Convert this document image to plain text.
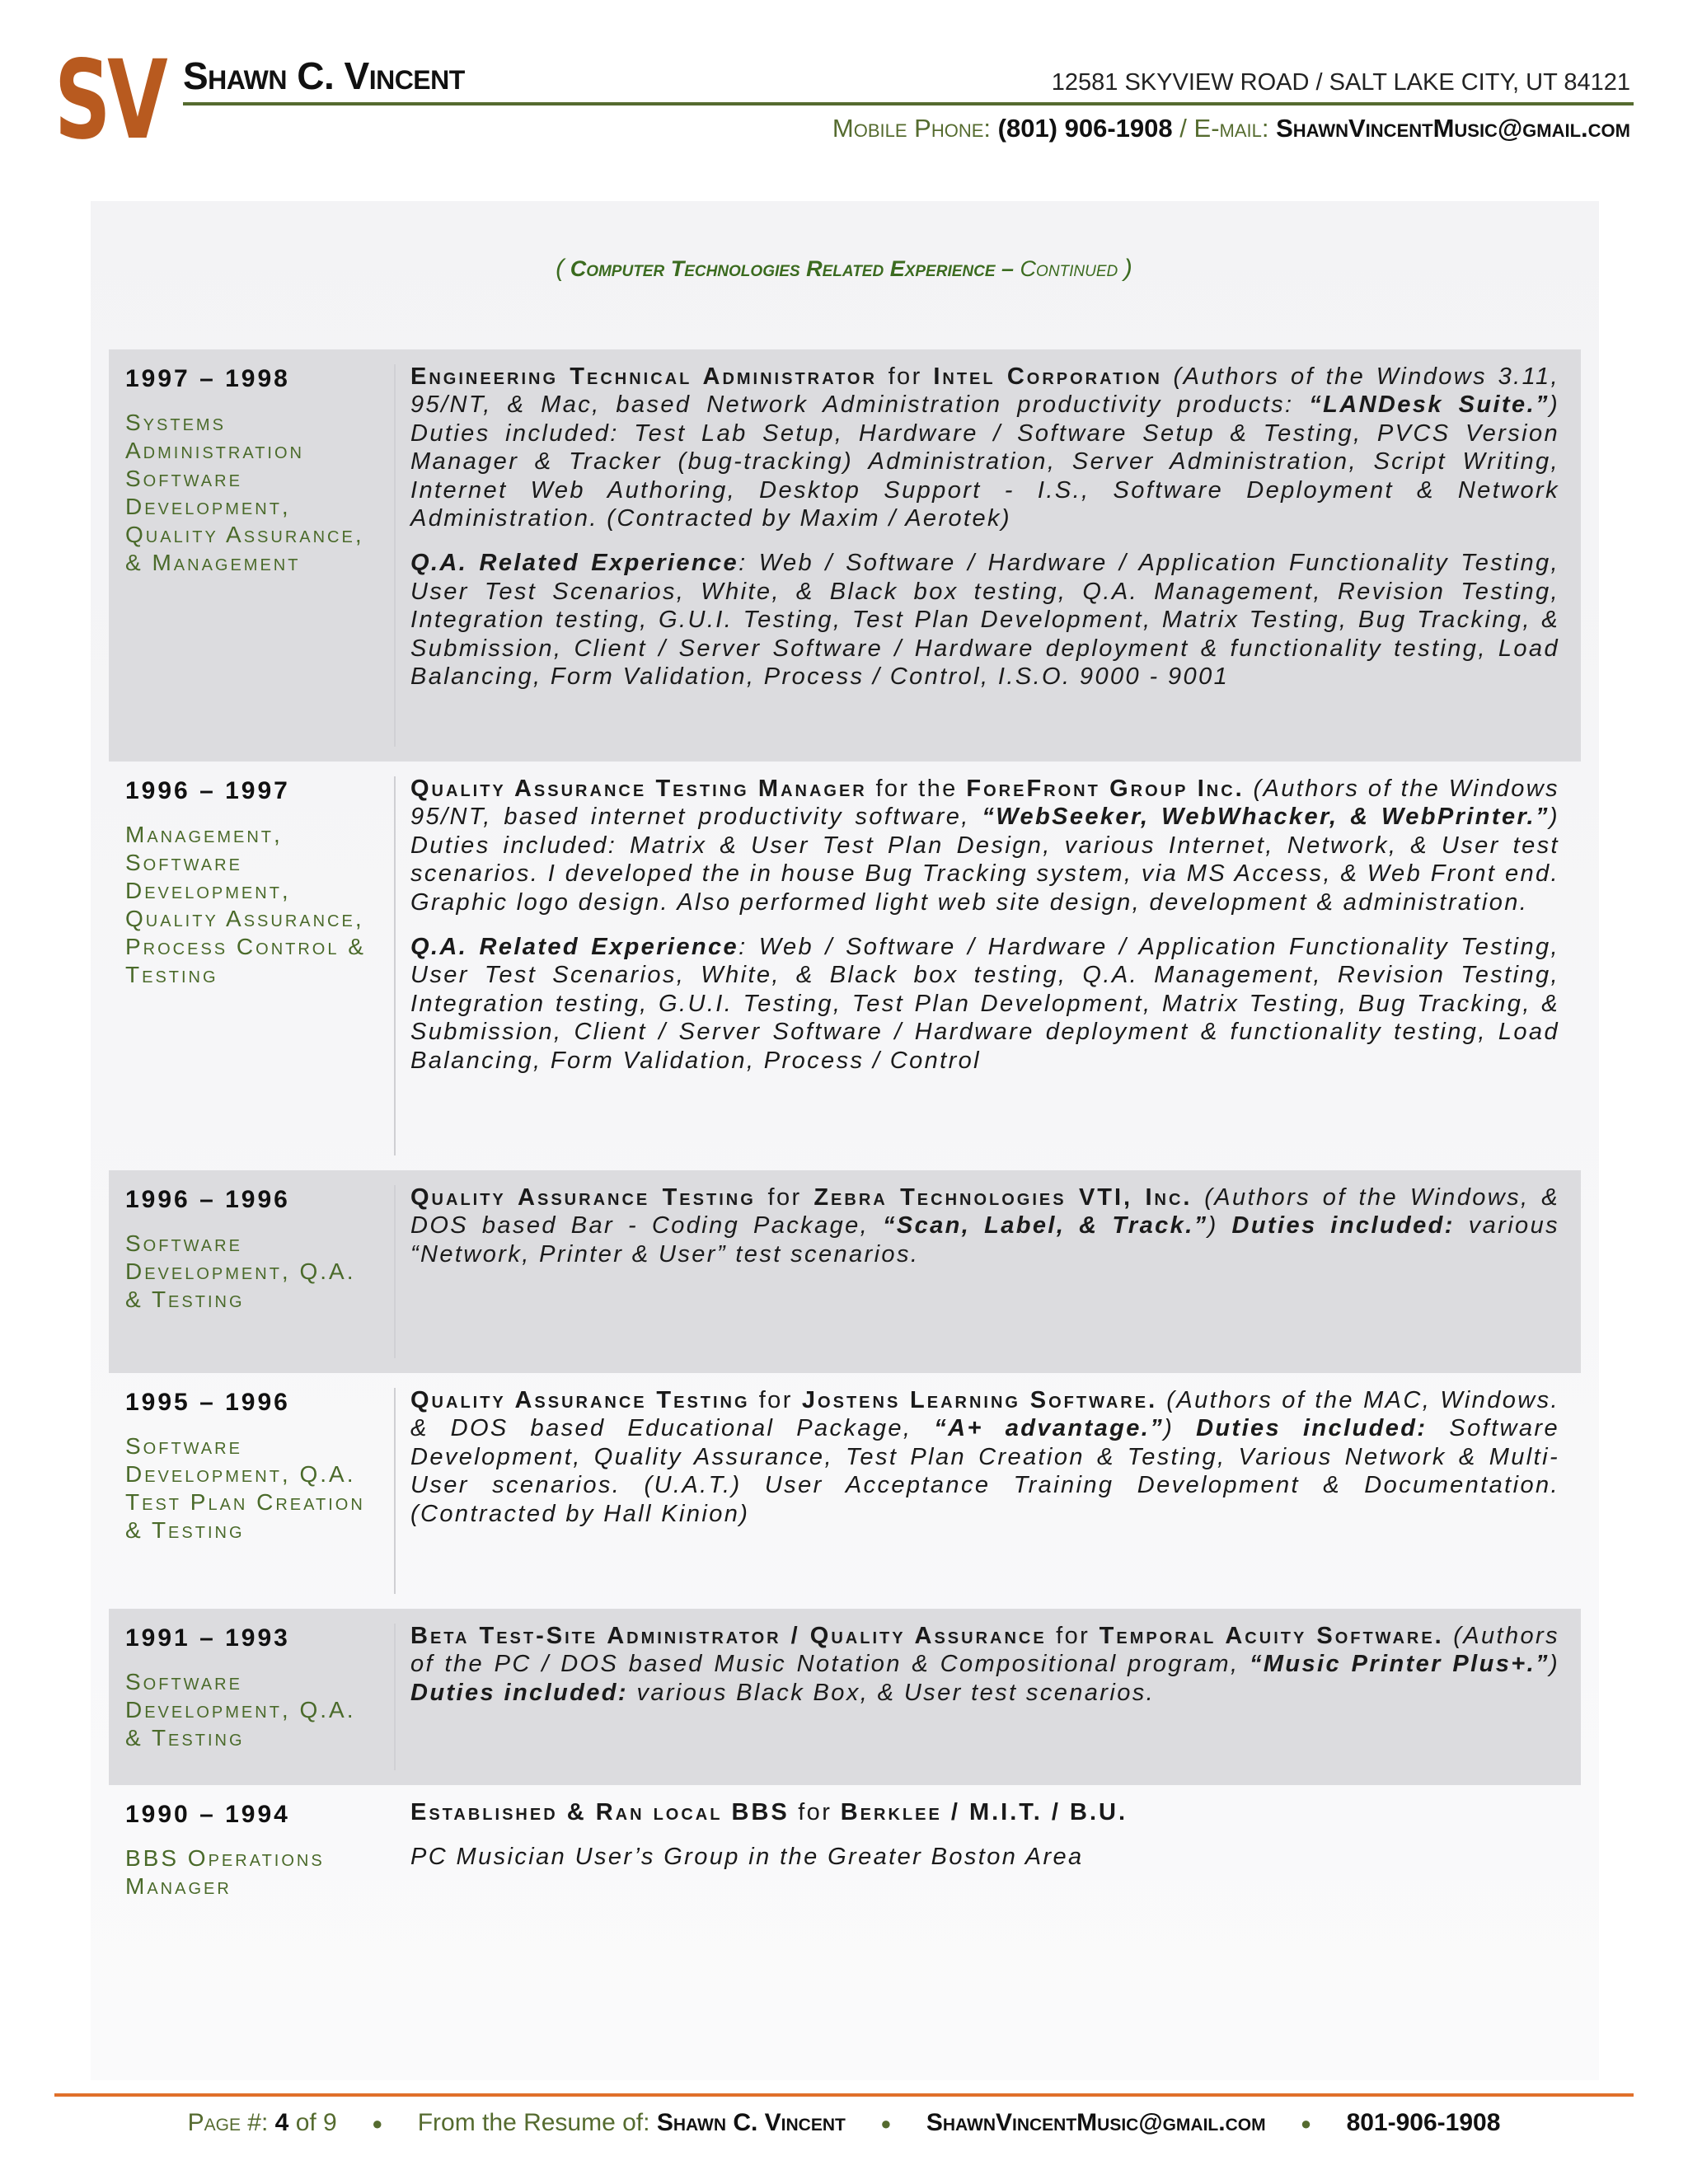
SV Shawn C. Vincent	12581 SKYVIEW ROAD / SALT LAKE CITY, UT 84121
Mobile Phone: (801) 906-1908 / E-mail: ShawnVincentMusic@gmail.com
( Computer Technologies Related Experience – Continued )
1997 – 1998
Systems Administration Software Development, Quality Assurance, & Management

Engineering Technical Administrator for Intel Corporation (Authors of the Windows 3.11, 95/NT, & Mac, based Network Administration productivity products: “LANDesk Suite.”) Duties included: Test Lab Setup, Hardware / Software Setup & Testing, PVCS Version Manager & Tracker (bug-tracking) Administration, Server Administration, Script Writing, Internet Web Authoring, Desktop Support - I.S., Software Deployment & Network Administration. (Contracted by Maxim / Aerotek)

Q.A. Related Experience: Web / Software / Hardware / Application Functionality Testing, User Test Scenarios, White, & Black box testing, Q.A. Management, Revision Testing, Integration testing, G.U.I. Testing, Test Plan Development, Matrix Testing, Bug Tracking, & Submission, Client / Server Software / Hardware deployment & functionality testing, Load Balancing, Form Validation, Process / Control, I.S.O. 9000 - 9001

1996 – 1997
Management, Software Development, Quality Assurance, Process Control & Testing

Quality Assurance Testing Manager for the ForeFront Group Inc. (Authors of the Windows 95/NT, based internet productivity software, “WebSeeker, WebWhacker, & WebPrinter.”) Duties included: Matrix & User Test Plan Design, various Internet, Network, & User test scenarios. I developed the in house Bug Tracking system, via MS Access, & Web Front end. Graphic logo design. Also performed light web site design, development & administration.

Q.A. Related Experience: Web / Software / Hardware / Application Functionality Testing, User Test Scenarios, White, & Black box testing, Q.A. Management, Revision Testing, Integration testing, G.U.I. Testing, Test Plan Development, Matrix Testing, Bug Tracking, & Submission, Client / Server Software / Hardware deployment & functionality testing, Load Balancing, Form Validation, Process / Control

1996 – 1996
Software Development, Q.A. & Testing

Quality Assurance Testing for Zebra Technologies VTI, Inc. (Authors of the Windows, & DOS based Bar - Coding Package, “Scan, Label, & Track.”) Duties included: various “Network, Printer & User” test scenarios.

1995 – 1996
Software Development, Q.A. Test Plan Creation & Testing

Quality Assurance Testing for Jostens Learning Software. (Authors of the MAC, Windows. & DOS based Educational Package, “A+ advantage.”) Duties included: Software Development, Quality Assurance, Test Plan Creation & Testing, Various Network & Multi-User scenarios. (U.A.T.) User Acceptance Training Development & Documentation. (Contracted by Hall Kinion)

1991 – 1993
Software Development, Q.A. & Testing

Beta Test-Site Administrator / Quality Assurance for Temporal Acuity Software. (Authors of the PC / DOS based Music Notation & Compositional program, “Music Printer Plus+.”) Duties included: various Black Box, & User test scenarios.

1990 – 1994
BBS Operations Manager

Established & Ran local BBS for Berklee / M.I.T. / B.U.

PC Musician User’s Group in the Greater Boston Area

Page #: 4 of 9 ● From the Resume of: Shawn C. Vincent ● ShawnVincentMusic@gmail.com ● 801-906-1908
